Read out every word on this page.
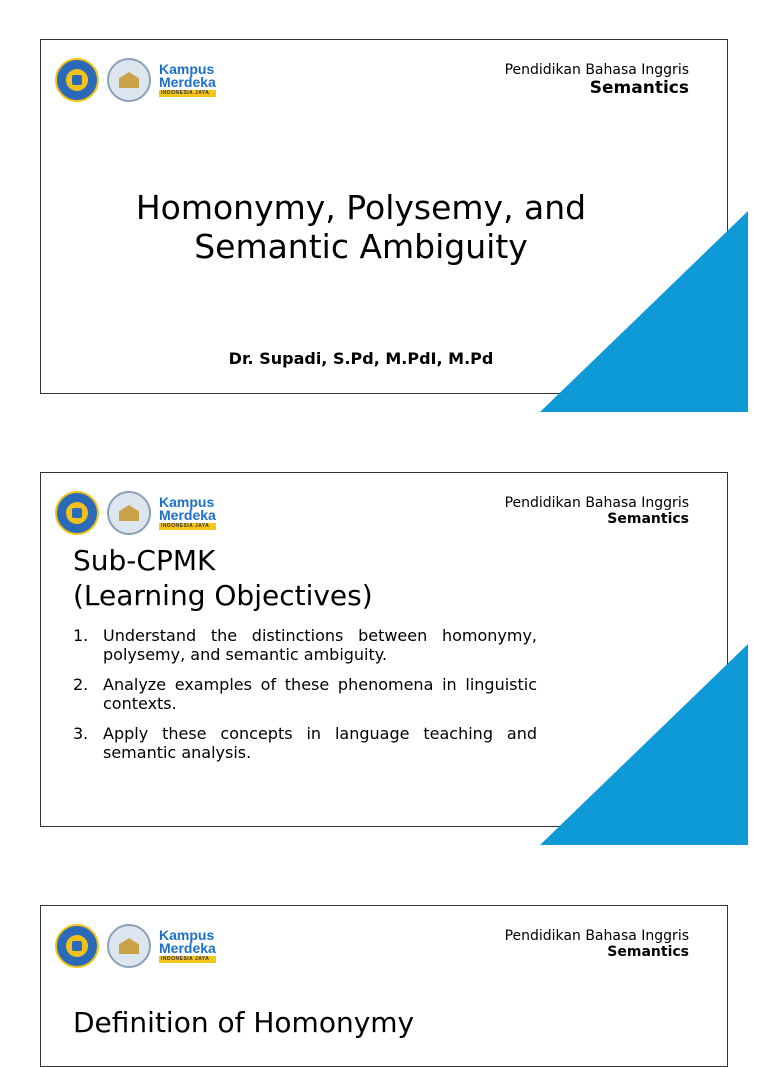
Kampus
Merdeka
INDONESIA JAYA
Pendidikan Bahasa Inggris
Semantics
Homonymy, Polysemy, and
Semantic Ambiguity
Dr. Supadi, S.Pd, M.PdI, M.Pd
Kampus
Merdeka
INDONESIA JAYA
Pendidikan Bahasa Inggris
Semantics
Sub-CPMK
(Learning Objectives)
1. Understand the distinctions between homonymy, polysemy, and semantic ambiguity.
2. Analyze examples of these phenomena in linguistic contexts.
3. Apply these concepts in language teaching and semantic analysis.
Kampus
Merdeka
INDONESIA JAYA
Pendidikan Bahasa Inggris
Semantics
Definition of Homonymy
